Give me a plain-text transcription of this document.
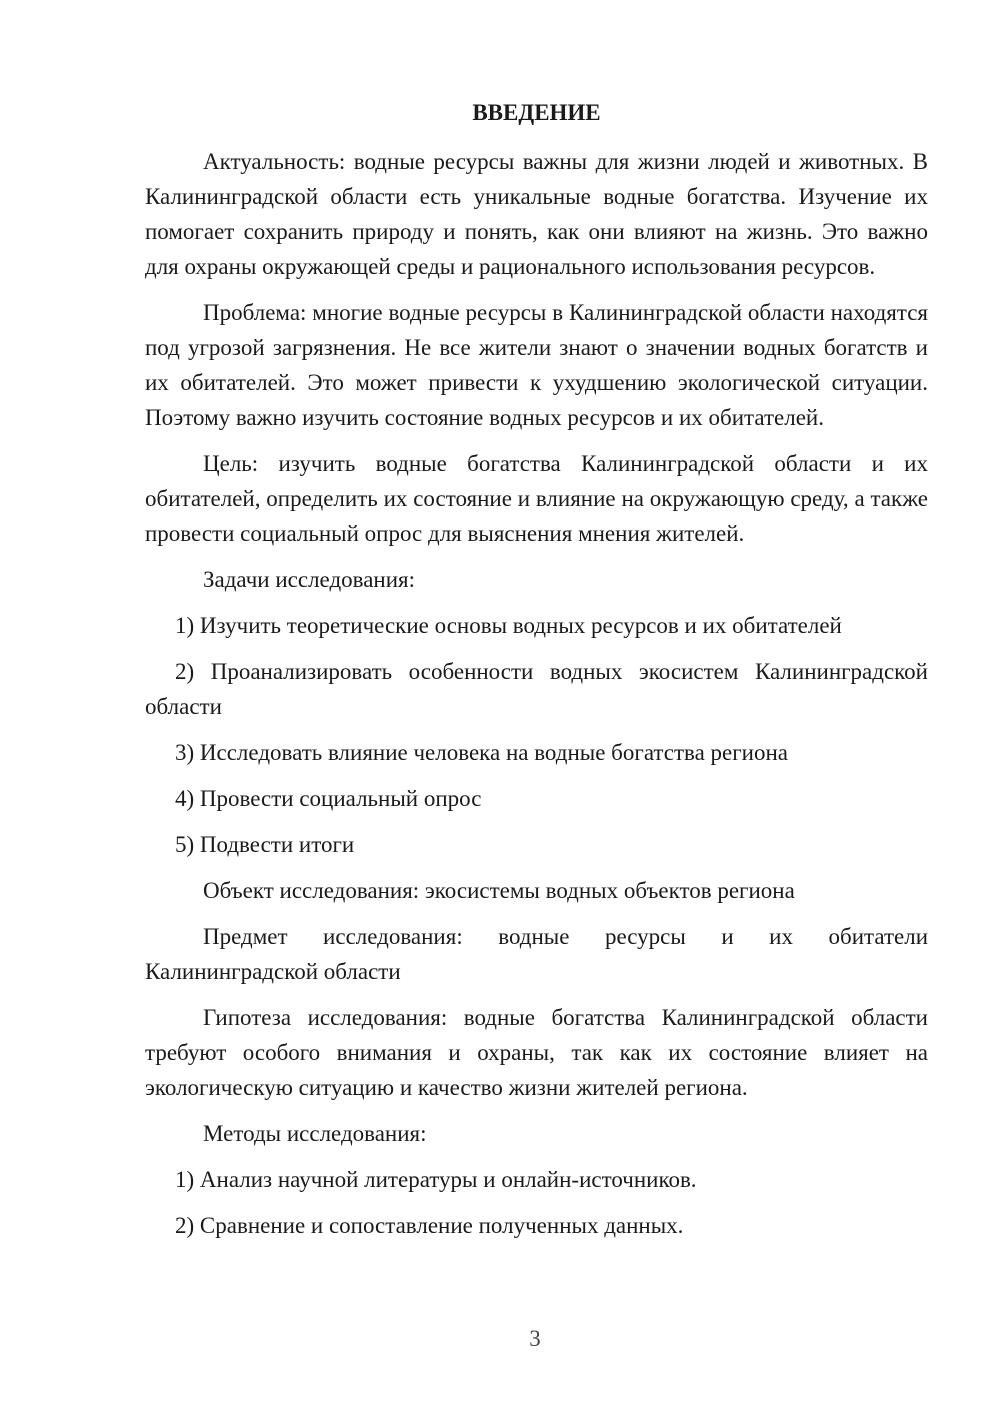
ВВЕДЕНИЕ

Актуальность: водные ресурсы важны для жизни людей и животных. В Калининградской области есть уникальные водные богатства. Изучение их помогает сохранить природу и понять, как они влияют на жизнь. Это важно для охраны окружающей среды и рационального использования ресурсов.

Проблема: многие водные ресурсы в Калининградской области находятся под угрозой загрязнения. Не все жители знают о значении водных богатств и их обитателей. Это может привести к ухудшению экологической ситуации. Поэтому важно изучить состояние водных ресурсов и их обитателей.

Цель: изучить водные богатства Калининградской области и их обитателей, определить их состояние и влияние на окружающую среду, а также провести социальный опрос для выяснения мнения жителей.

Задачи исследования:

1) Изучить теоретические основы водных ресурсов и их обитателей

2) Проанализировать особенности водных экосистем Калининградской области

3) Исследовать влияние человека на водные богатства региона

4) Провести социальный опрос

5) Подвести итоги

Объект исследования: экосистемы водных объектов региона

Предмет исследования: водные ресурсы и их обитатели Калининградской области

Гипотеза исследования: водные богатства Калининградской области требуют особого внимания и охраны, так как их состояние влияет на экологическую ситуацию и качество жизни жителей региона.

Методы исследования:

1) Анализ научной литературы и онлайн-источников.

2) Сравнение и сопоставление полученных данных.

3
